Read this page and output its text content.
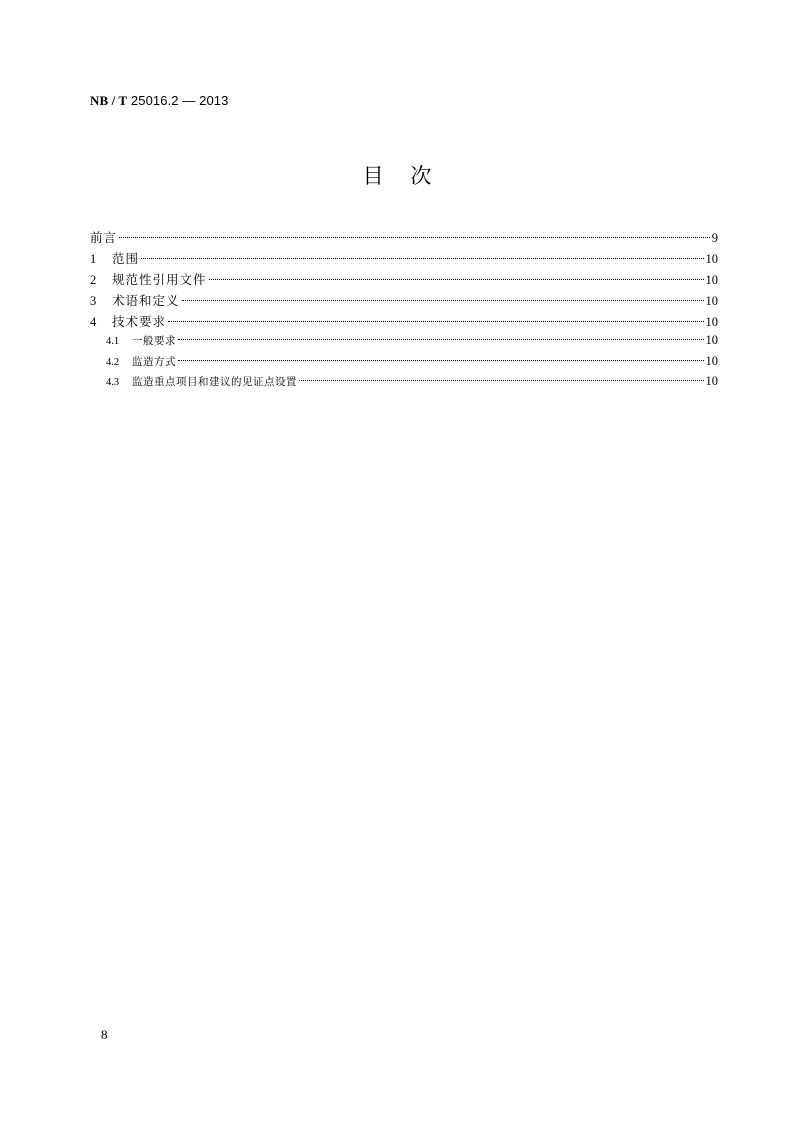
NB / T 25016.2 — 2013
目    次
前言	9
1	范围	10
2	规范性引用文件	10
3	术语和定义	10
4	技术要求	10
4.1	一般要求	10
4.2	监造方式	10
4.3	监造重点项目和建议的见证点设置	10
8
